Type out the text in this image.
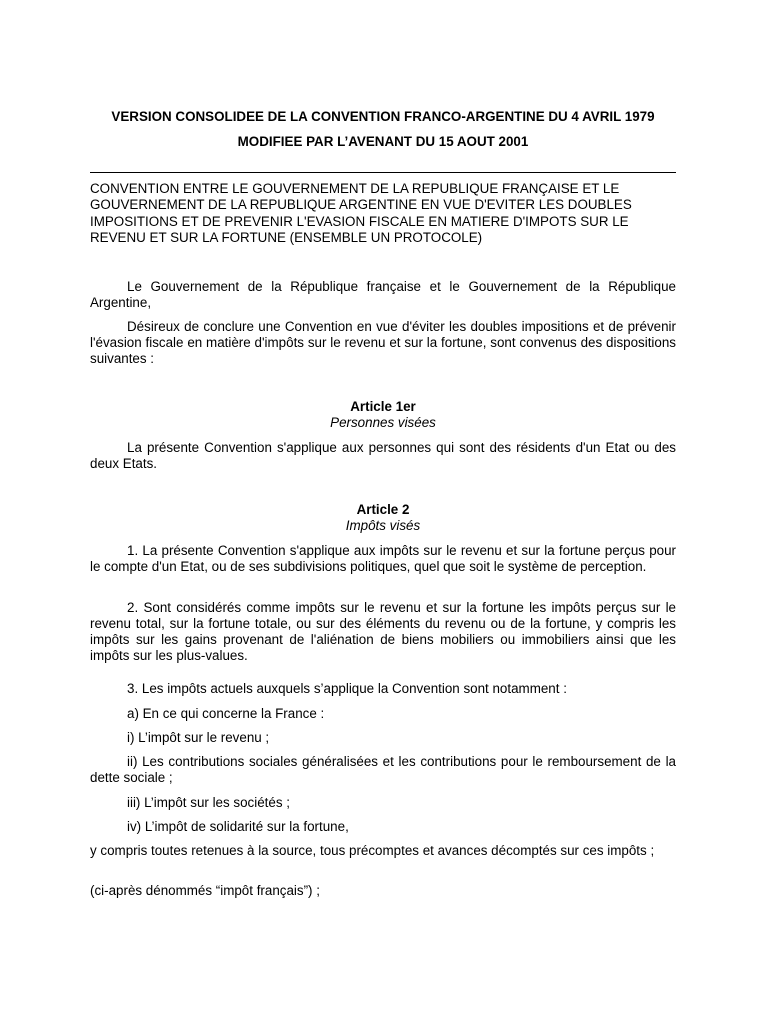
VERSION CONSOLIDEE DE LA CONVENTION FRANCO-ARGENTINE DU 4 AVRIL 1979

MODIFIEE PAR L’AVENANT DU 15 AOUT 2001

CONVENTION ENTRE LE GOUVERNEMENT DE LA REPUBLIQUE FRANÇAISE ET LE GOUVERNEMENT DE LA REPUBLIQUE ARGENTINE EN VUE D'EVITER LES DOUBLES IMPOSITIONS ET DE PREVENIR L'EVASION FISCALE EN MATIERE D'IMPOTS SUR LE REVENU ET SUR LA FORTUNE (ENSEMBLE UN PROTOCOLE)

Le Gouvernement de la République française et le Gouvernement de la République Argentine,

Désireux de conclure une Convention en vue d'éviter les doubles impositions et de prévenir l'évasion fiscale en matière d'impôts sur le revenu et sur la fortune, sont convenus des dispositions suivantes :

Article 1er

Personnes visées

La présente Convention s'applique aux personnes qui sont des résidents d'un Etat ou des deux Etats.

Article 2

Impôts visés

1. La présente Convention s'applique aux impôts sur le revenu et sur la fortune perçus pour le compte d'un Etat, ou de ses subdivisions politiques, quel que soit le système de perception.

2. Sont considérés comme impôts sur le revenu et sur la fortune les impôts perçus sur le revenu total, sur la fortune totale, ou sur des éléments du revenu ou de la fortune, y compris les impôts sur les gains provenant de l'aliénation de biens mobiliers ou immobiliers ainsi que les impôts sur les plus-values.

3. Les impôts actuels auxquels s’applique la Convention sont notamment :

a) En ce qui concerne la France :

i) L’impôt sur le revenu ;

ii) Les contributions sociales généralisées et les contributions pour le remboursement de la dette sociale ;

iii) L’impôt sur les sociétés ;

iv) L’impôt de solidarité sur la fortune,

y compris toutes retenues à la source, tous précomptes et avances décomptés sur ces impôts ;

(ci-après dénommés “impôt français”) ;
